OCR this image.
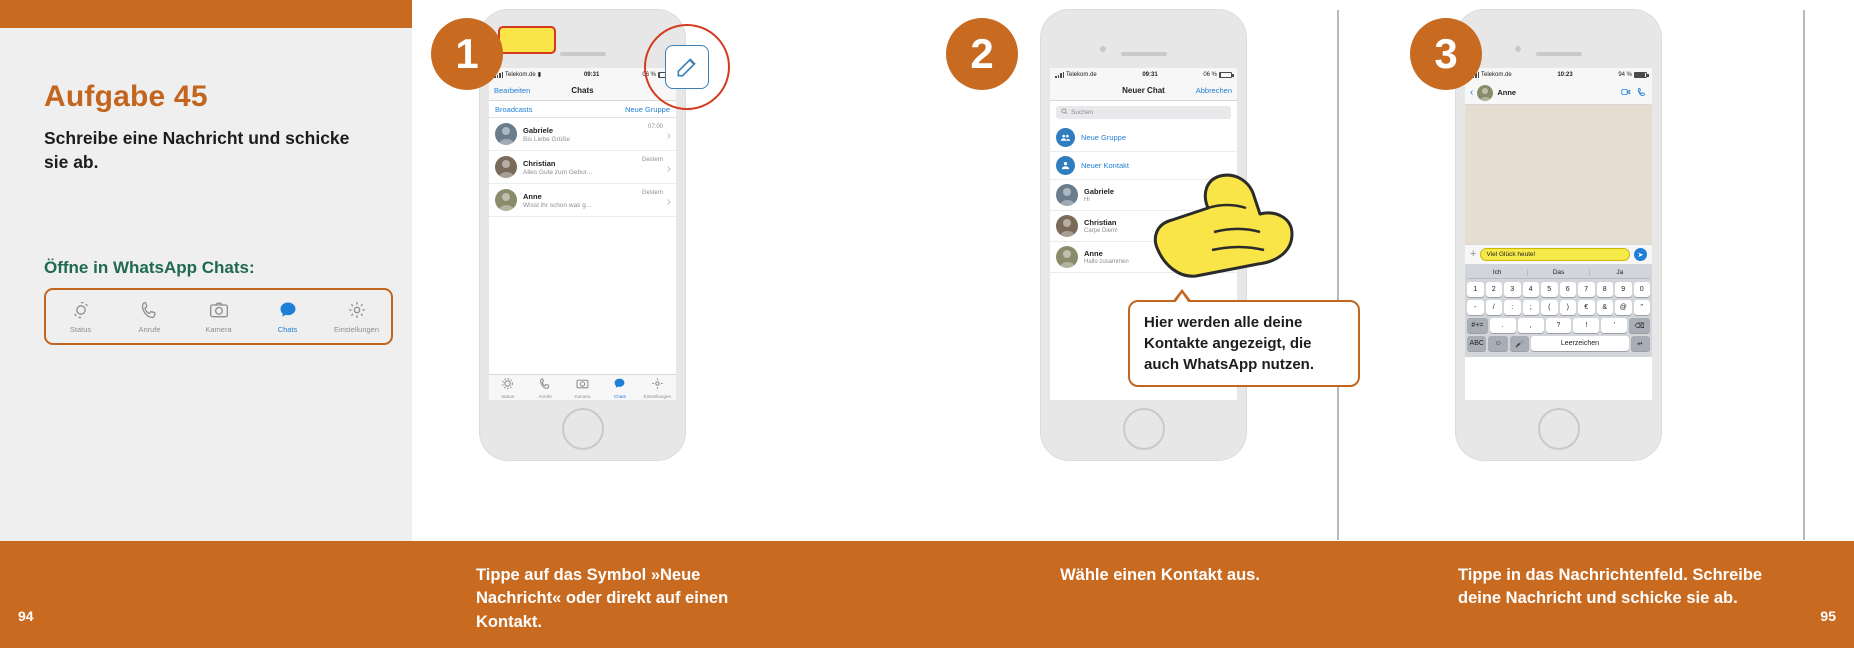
Aufgabe 45
Schreibe eine Nachricht und schicke sie ab.
Öffne in WhatsApp Chats:
Status	Anrufe	Kamera	Chats	Einstellungen
94
Telekom.de ▮	09:31	06 %
Bearbeiten	Chats
Broadcasts	Neue Gruppe
Gabriele
Bis Liebe Grüße
07:00
Christian
Alles Gute zum Gebur...
Gestern
Anne
Wisst ihr schon was g...
Gestern
Status	Anrufe	Kamera	Chats	Einstellungen
1
Tippe auf das Symbol »Neue Nachricht« oder direkt auf einen Kontakt.
Telekom.de	09:31	06 %
Neuer Chat	Abbrechen
Suchen
Neue Gruppe
Neuer Kontakt
Gabriele
Hi
Christian
Carpe Diem!
Anne
Hallo zusammen
2
Hier werden alle deine Kontakte angezeigt, die auch WhatsApp nutzen.
Wähle einen Kontakt aus.
Telekom.de	10:23	94 %
‹	Anne
+	Viel Glück heute!	➤
Ich	Das	Ja
1	2	3	4	5	6	7	8	9	0
-	/	:	;	(	)	€	&	@	"
#+=	.	,	?	!	'	⌫
ABC	☺	🎤	Leerzeichen	↵
3
Tippe in das Nachrichtenfeld. Schreibe deine Nachricht und schicke sie ab.
95
